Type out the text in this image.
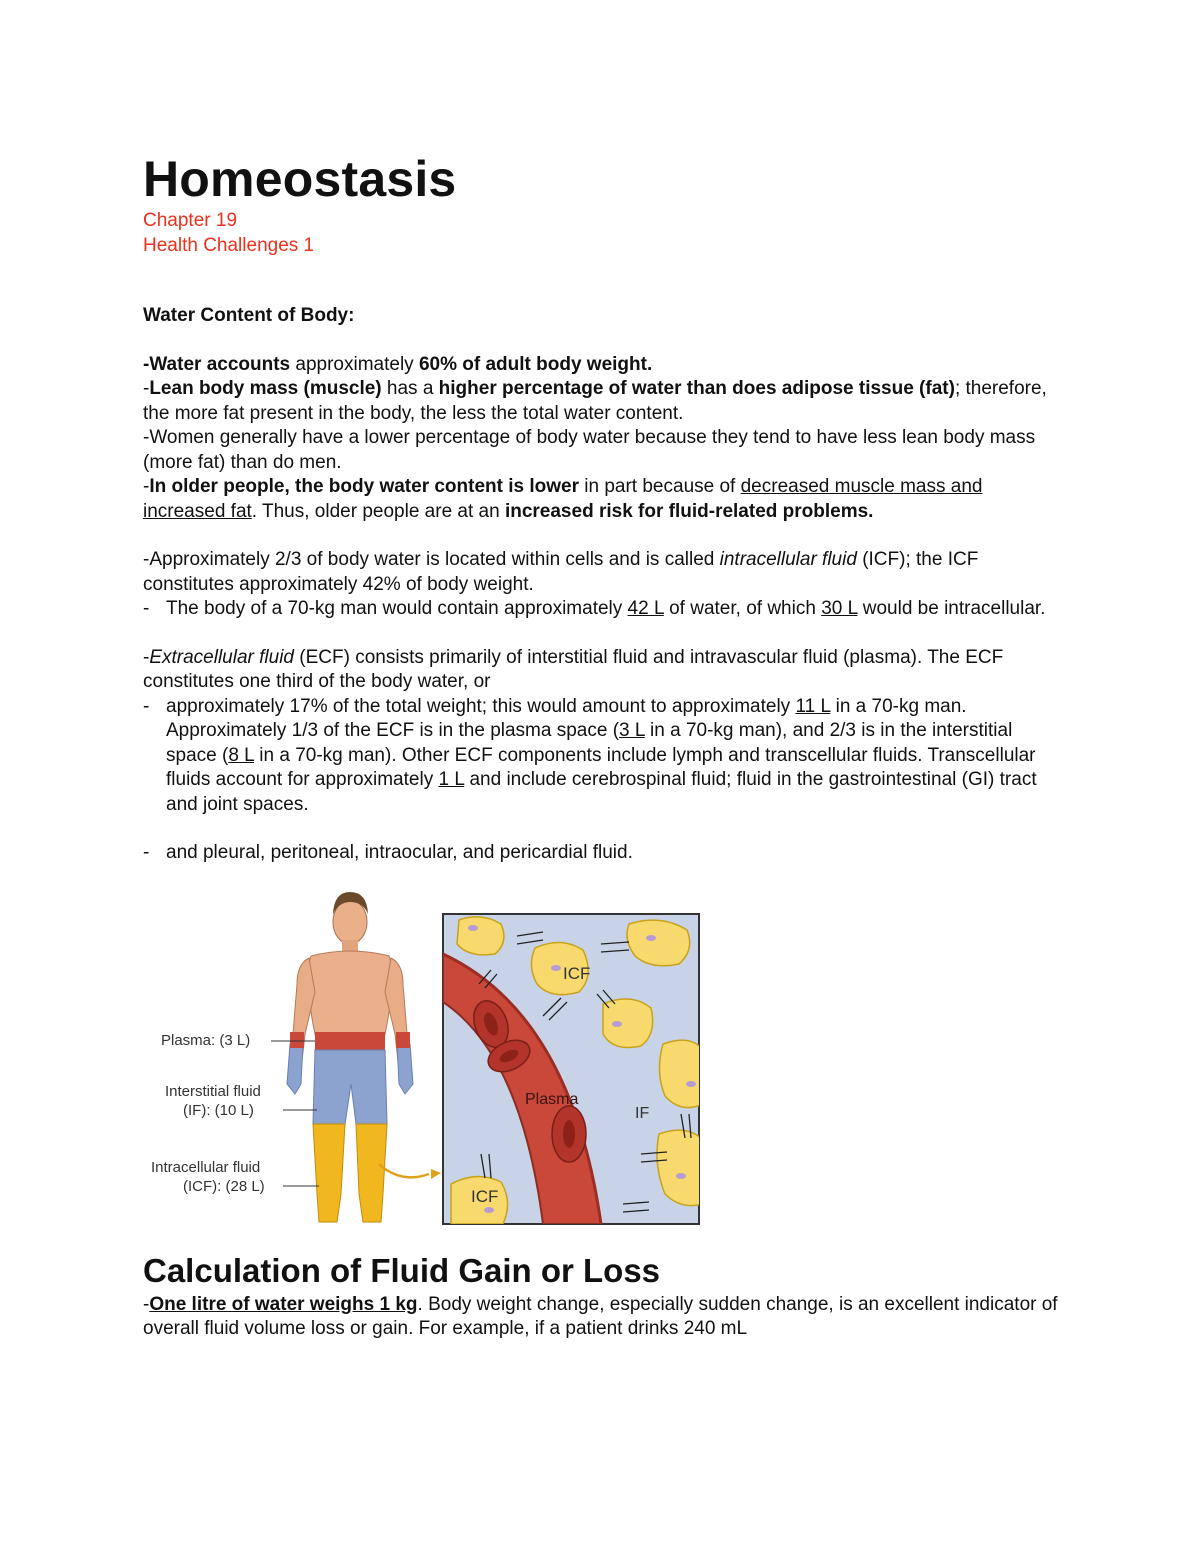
Homeostasis
Chapter 19
Health Challenges 1

Water Content of Body:

-Water accounts approximately 60% of adult body weight.

-Lean body mass (muscle) has a higher percentage of water than does adipose tissue (fat); therefore, the more fat present in the body, the less the total water content.

-Women generally have a lower percentage of body water because they tend to have less lean body mass (more fat) than do men.

-In older people, the body water content is lower in part because of decreased muscle mass and increased fat. Thus, older people are at an increased risk for fluid-related problems.

-Approximately 2/3 of body water is located within cells and is called intracellular fluid (ICF); the ICF constitutes approximately 42% of body weight.

- The body of a 70-kg man would contain approximately 42 L of water, of which 30 L would be intracellular.

-Extracellular fluid (ECF) consists primarily of interstitial fluid and intravascular fluid (plasma). The ECF constitutes one third of the body water, or

- approximately 17% of the total weight; this would amount to approximately 11 L in a 70-kg man. Approximately 1/3 of the ECF is in the plasma space (3 L in a 70-kg man), and 2/3 is in the interstitial space (8 L in a 70-kg man). Other ECF components include lymph and transcellular fluids. Transcellular fluids account for approximately 1 L and include cerebrospinal fluid; fluid in the gastrointestinal (GI) tract and joint spaces.
- and pleural, peritoneal, intraocular, and pericardial fluid.
Plasma: (3 L)
Interstitial fluid
(IF): (10 L)
Intracellular fluid
(ICF): (28 L)
ICF
Plasma
IF
ICF
Calculation of Fluid Gain or Loss

-One litre of water weighs 1 kg. Body weight change, especially sudden change, is an excellent indicator of overall fluid volume loss or gain. For example, if a patient drinks 240 mL
